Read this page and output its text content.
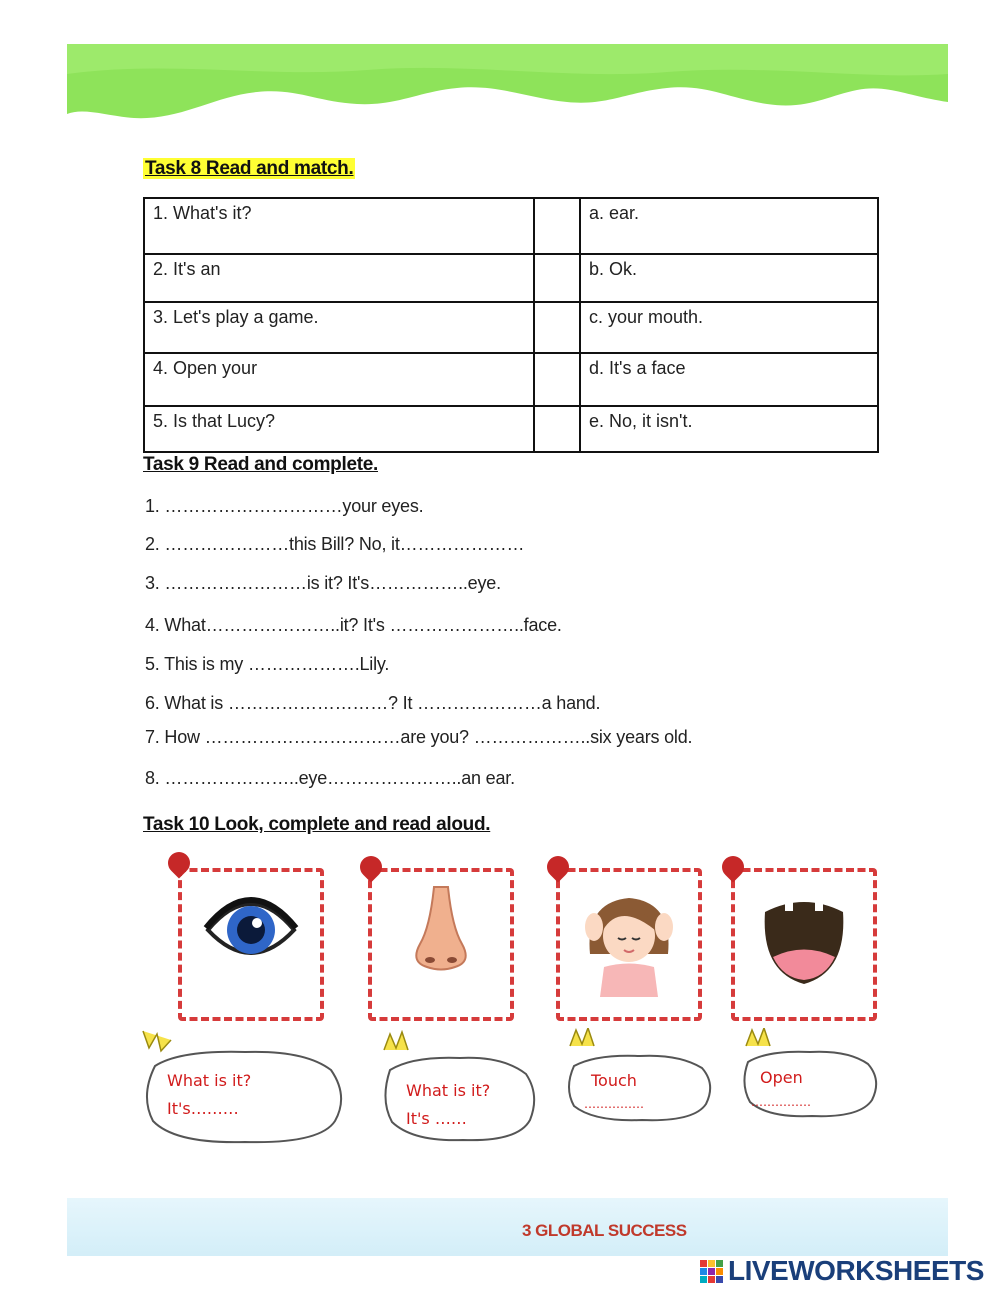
Task 8 Read and match.
1. What's it?		a. ear.
2. It's an		b. Ok.
3. Let's play a game.		c. your mouth.
4. Open your		d. It's a face
5. Is that Lucy?		e. No, it isn't.
Task 9 Read and complete.
1. …………………………your eyes.
2. …………………this Bill? No, it…………………
3. ……………………is it? It's……………..eye.
4. What…………………..it? It's …………………..face.
5. This is my ……………….Lily.
6. What is ………………………? It …………………a hand.
7. How ……………………………are you? ………………..six years old.
8. …………………..eye…………………..an ear.
Task 10 Look, complete and read aloud.
What is it?
It's………
What is it?
It's ……
Touch
……………
Open
……………
3 GLOBAL SUCCESS
LIVEWORKSHEETS
